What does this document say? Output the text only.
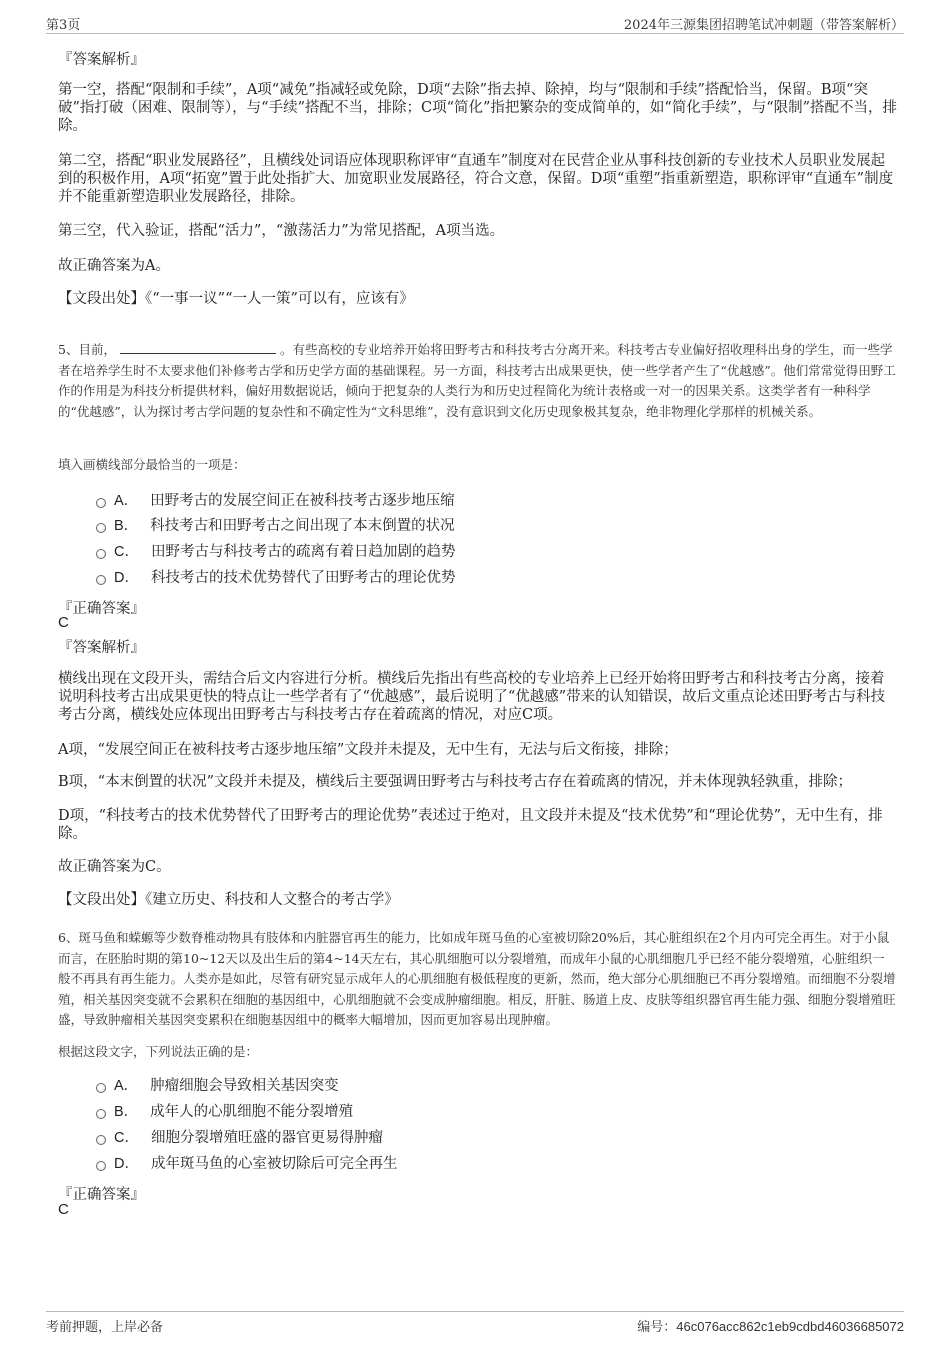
第3页	2024年三源集团招聘笔试冲刺题（带答案解析）
『答案解析』
第一空，搭配“限制和手续”，A项“减免”指减轻或免除，D项“去除”指去掉、除掉，均与“限制和手续”搭配恰当，保留。B项“突破”指打破（困难、限制等），与“手续”搭配不当，排除；C项“简化”指把繁杂的变成简单的，如“简化手续”，与“限制”搭配不当，排除。
第二空，搭配“职业发展路径”，且横线处词语应体现职称评审“直通车”制度对在民营企业从事科技创新的专业技术人员职业发展起到的积极作用，A项“拓宽”置于此处指扩大、加宽职业发展路径，符合文意，保留。D项“重塑”指重新塑造，职称评审“直通车”制度并不能重新塑造职业发展路径，排除。
第三空，代入验证，搭配“活力”，“激荡活力”为常见搭配，A项当选。
故正确答案为A。
【文段出处】《“一事一议”“一人一策”可以有，应该有》
5、目前，	。有些高校的专业培养开始将田野考古和科技考古分离开来。科技考古专业偏好招收理科出身的学生，而一些学者在培养学生时不太要求他们补修考古学和历史学方面的基础课程。另一方面，科技考古出成果更快，使一些学者产生了“优越感”。他们常常觉得田野工作的作用是为科技分析提供材料，偏好用数据说话，倾向于把复杂的人类行为和历史过程简化为统计表格或一对一的因果关系。这类学者有一种科学的“优越感”，认为探讨考古学问题的复杂性和不确定性为“文科思维”，没有意识到文化历史现象极其复杂，绝非物理化学那样的机械关系。
填入画横线部分最恰当的一项是：
A． 田野考古的发展空间正在被科技考古逐步地压缩
B． 科技考古和田野考古之间出现了本末倒置的状况
C． 田野考古与科技考古的疏离有着日趋加剧的趋势
D． 科技考古的技术优势替代了田野考古的理论优势
『正确答案』
C
『答案解析』
横线出现在文段开头，需结合后文内容进行分析。横线后先指出有些高校的专业培养上已经开始将田野考古和科技考古分离，接着说明科技考古出成果更快的特点让一些学者有了“优越感”，最后说明了“优越感”带来的认知错误，故后文重点论述田野考古与科技考古分离，横线处应体现出田野考古与科技考古存在着疏离的情况，对应C项。
A项，“发展空间正在被科技考古逐步地压缩”文段并未提及，无中生有，无法与后文衔接，排除；
B项，“本末倒置的状况”文段并未提及，横线后主要强调田野考古与科技考古存在着疏离的情况，并未体现孰轻孰重，排除；
D项，“科技考古的技术优势替代了田野考古的理论优势”表述过于绝对，且文段并未提及“技术优势”和“理论优势”，无中生有，排除。
故正确答案为C。
【文段出处】《建立历史、科技和人文整合的考古学》
6、斑马鱼和蝾螈等少数脊椎动物具有肢体和内脏器官再生的能力，比如成年斑马鱼的心室被切除20%后，其心脏组织在2个月内可完全再生。对于小鼠而言，在胚胎时期的第10~12天以及出生后的第4~14天左右，其心肌细胞可以分裂增殖，而成年小鼠的心肌细胞几乎已经不能分裂增殖，心脏组织一般不再具有再生能力。人类亦是如此，尽管有研究显示成年人的心肌细胞有极低程度的更新，然而，绝大部分心肌细胞已不再分裂增殖。而细胞不分裂增殖，相关基因突变就不会累积在细胞的基因组中，心肌细胞就不会变成肿瘤细胞。相反，肝脏、肠道上皮、皮肤等组织器官再生能力强、细胞分裂增殖旺盛，导致肿瘤相关基因突变累积在细胞基因组中的概率大幅增加，因而更加容易出现肿瘤。
根据这段文字，下列说法正确的是：
A． 肿瘤细胞会导致相关基因突变
B． 成年人的心肌细胞不能分裂增殖
C． 细胞分裂增殖旺盛的器官更易得肿瘤
D． 成年斑马鱼的心室被切除后可完全再生
『正确答案』
C
考前押题，上岸必备	编号：46c076acc862c1eb9cdbd46036685072
